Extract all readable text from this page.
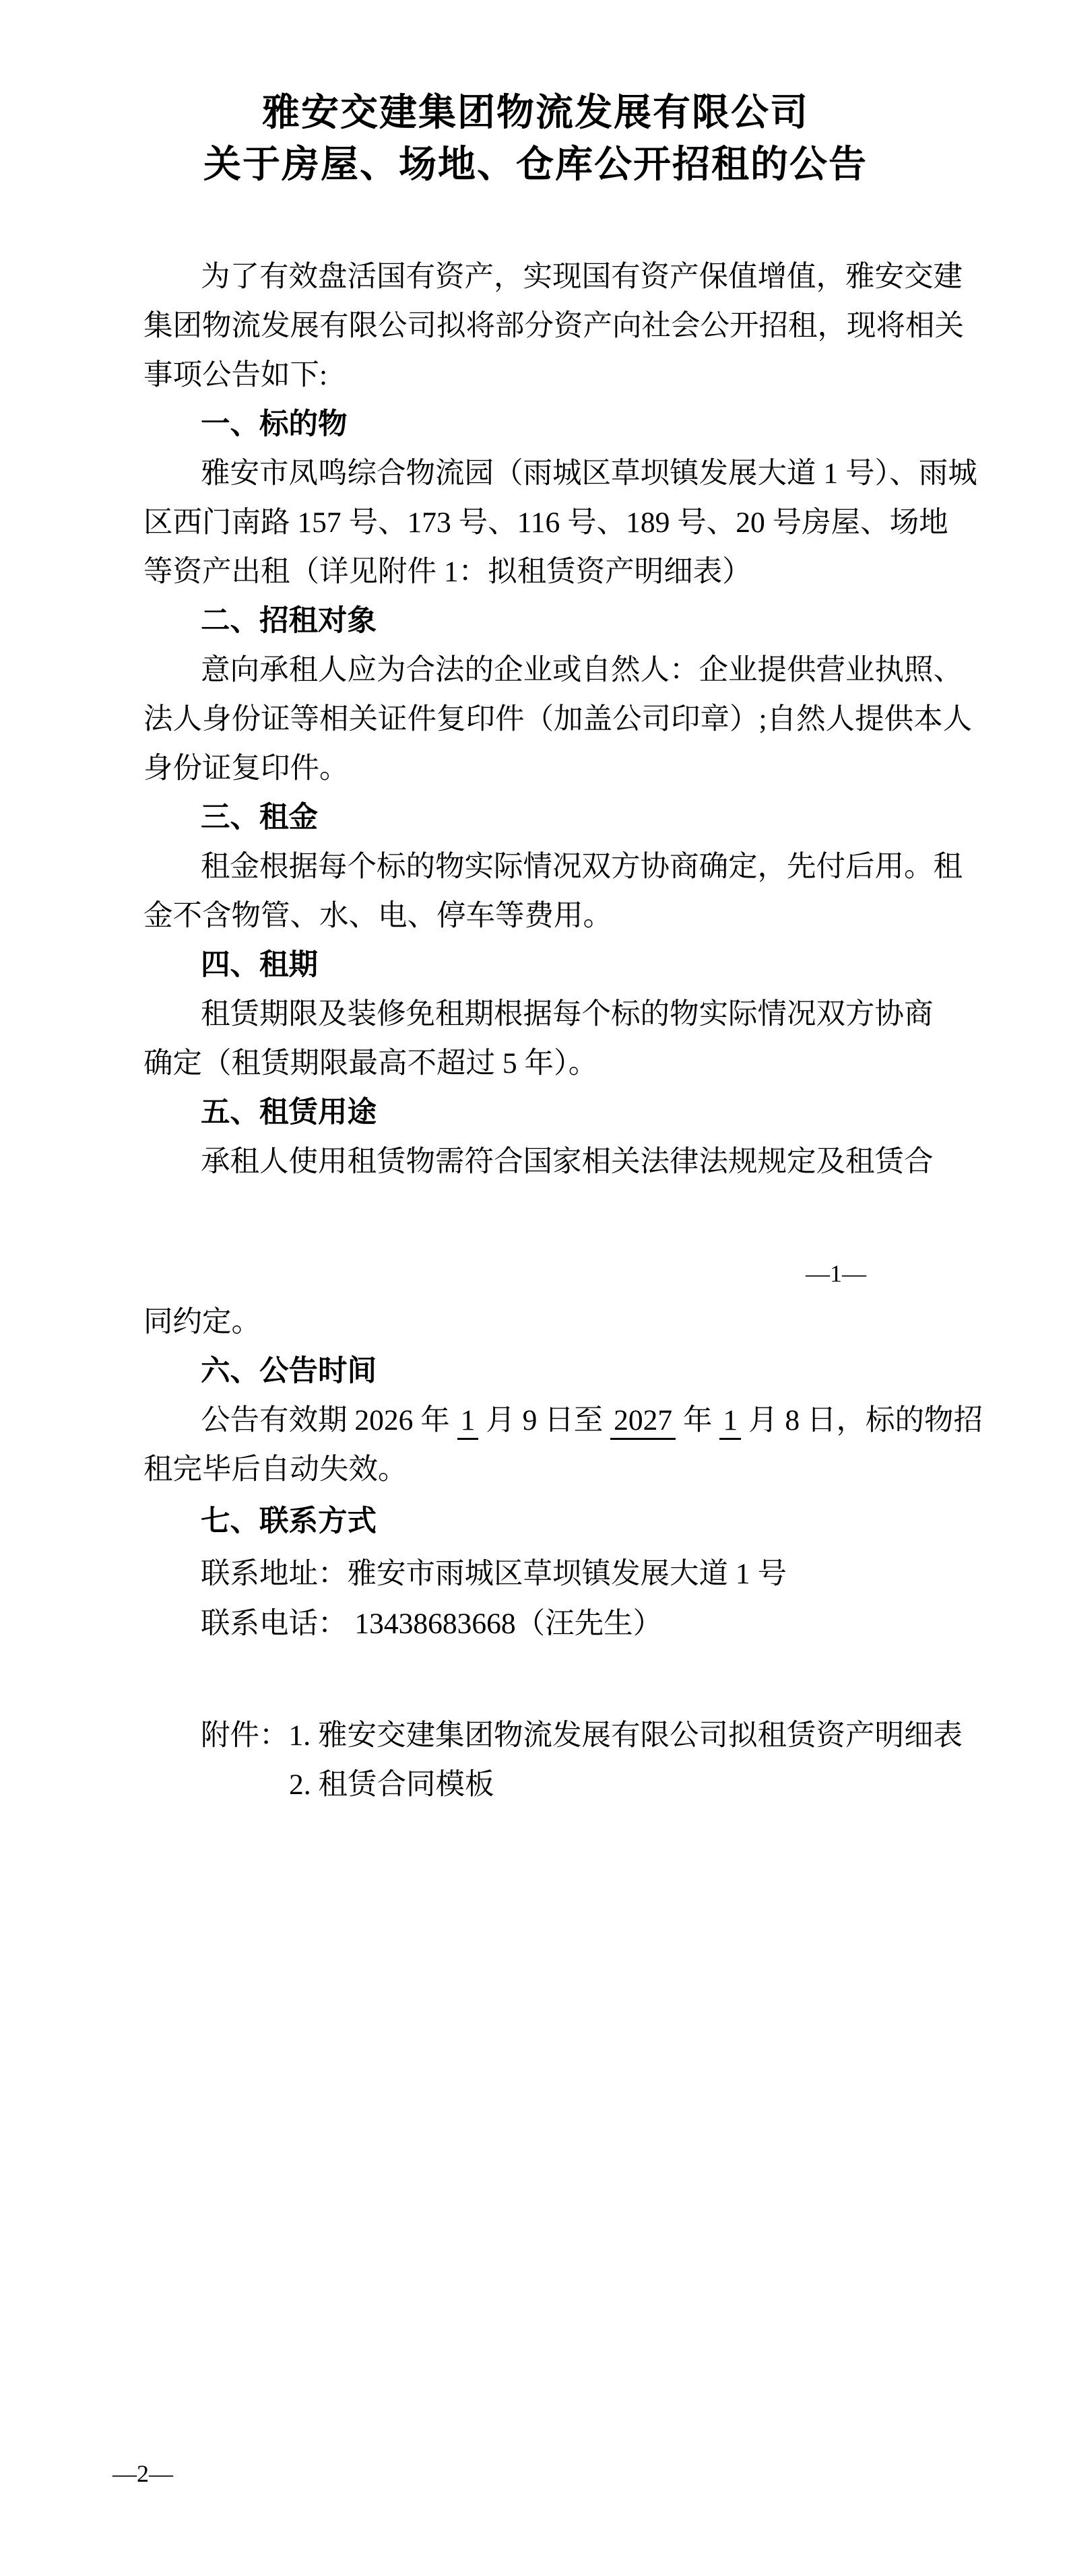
雅安交建集团物流发展有限公司
关于房屋、场地、仓库公开招租的公告
为了有效盘活国有资产，实现国有资产保值增值，雅安交建
集团物流发展有限公司拟将部分资产向社会公开招租，现将相关
事项公告如下:
一、标的物
雅安市凤鸣综合物流园（雨城区草坝镇发展大道 1 号）、雨城
区西门南路 157 号、173 号、116 号、189 号、20 号房屋、场地
等资产出租（详见附件 1：拟租赁资产明细表）
二、招租对象
意向承租人应为合法的企业或自然人：企业提供营业执照、
法人身份证等相关证件复印件（加盖公司印章）;自然人提供本人
身份证复印件。
三、租金
租金根据每个标的物实际情况双方协商确定，先付后用。租
金不含物管、水、电、停车等费用。
四、租期
租赁期限及装修免租期根据每个标的物实际情况双方协商
确定（租赁期限最高不超过 5 年）。
五、租赁用途
承租人使用租赁物需符合国家相关法律法规规定及租赁合
—1—
同约定。
六、公告时间
公告有效期 2026 年 1 月 9 日至 2027 年 1 月 8 日，标的物招
租完毕后自动失效。
七、联系方式
联系地址：雅安市雨城区草坝镇发展大道 1 号
联系电话： 13438683668（汪先生）
附件：1. 雅安交建集团物流发展有限公司拟租赁资产明细表
2. 租赁合同模板
—2—
